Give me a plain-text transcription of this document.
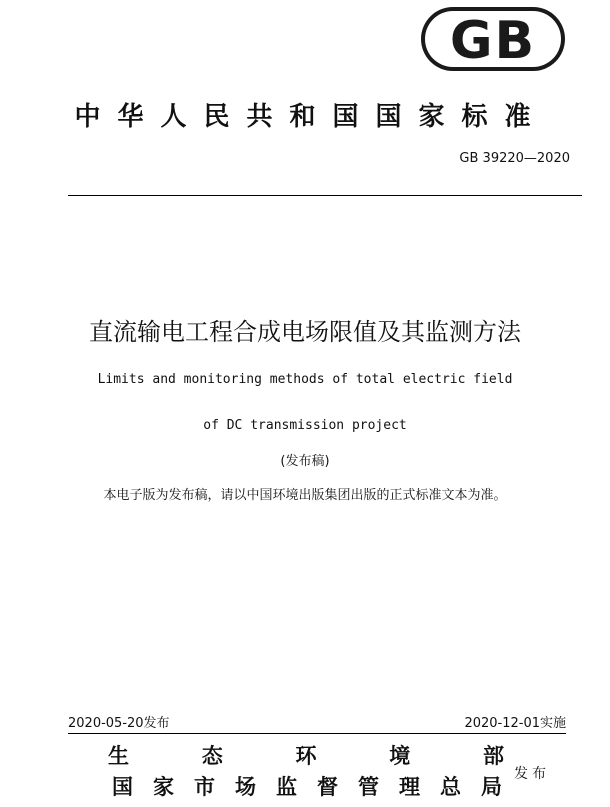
GB
中华人民共和国国家标准
GB 39220—2020
直流输电工程合成电场限值及其监测方法
Limits and monitoring methods of total electric field
of DC transmission project
(发布稿)
本电子版为发布稿，请以中国环境出版集团出版的正式标准文本为准。
2020-05-20发布	2020-12-01实施
生态环境部
国家市场监督管理总局
发布
